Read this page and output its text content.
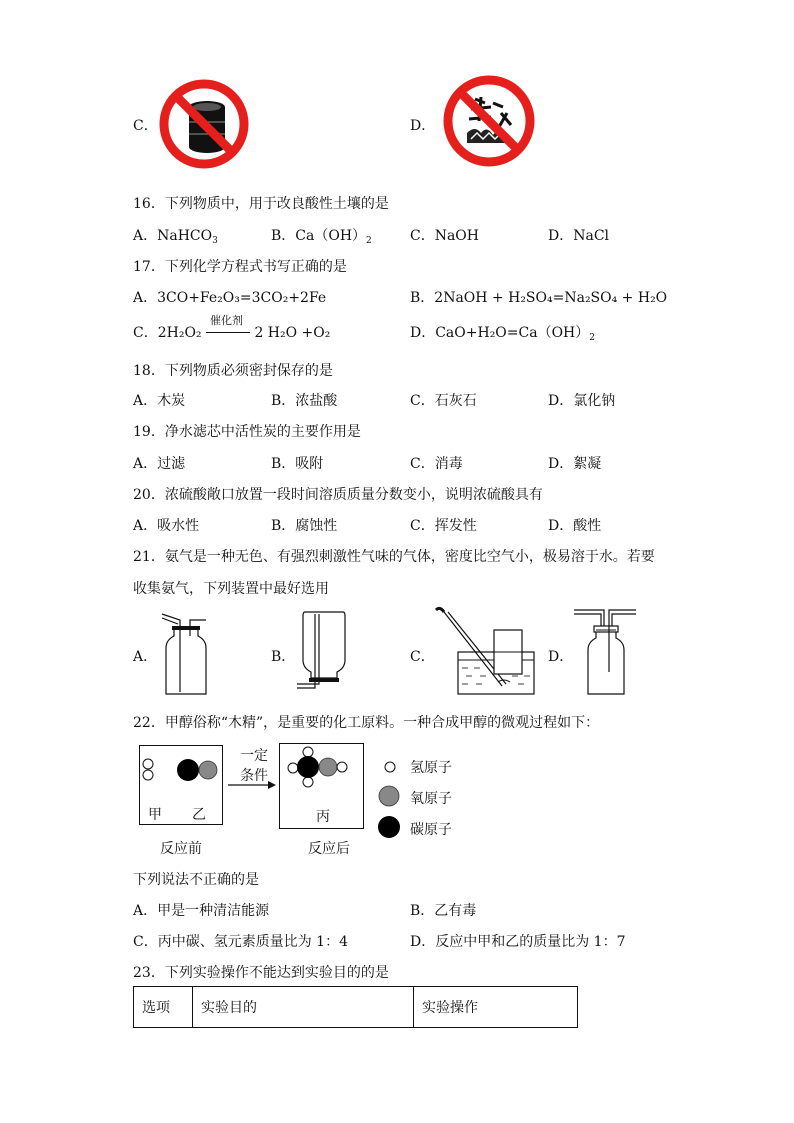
C．	D．
16．下列物质中，用于改良酸性土壤的是
A．NaHCO$_3$	B．$Ca(OH)_2$	C．NaOH	D．NaCl
17．下列化学方程式书写正确的是
A．3CO+Fe₂O₃=3CO₂+2Fe	B．2NaOH + H₂SO₄=Na₂SO₄ + H₂O
C．2H₂O₂
催化剂
2 H₂O +O₂	D．$CaO+H_2O=Ca(OH)_2$
18．下列物质必须密封保存的是
A．木炭	B．浓盐酸	C．石灰石	D．氯化钠
19．净水滤芯中活性炭的主要作用是
A．过滤	B．吸附	C．消毒	D．絮凝
20．浓硫酸敞口放置一段时间溶质质量分数变小，说明浓硫酸具有
A．吸水性	B．腐蚀性	C．挥发性	D．酸性
21．氨气是一种无色、有强烈刺激性气味的气体，密度比空气小，极易溶于水。若要
收集氨气，下列装置中最好选用
A．	B．	C．	D．
22．甲醇俗称“木精”，是重要的化工原料。一种合成甲醇的微观过程如下：
甲 乙
一定
条件
丙
氢原子
氧原子
碳原子
反应前	反应后
下列说法不正确的是
A．甲是一种清洁能源	B．乙有毒
C．丙中碳、氢元素质量比为 1：4	D．反应中甲和乙的质量比为 1：7
23．下列实验操作不能达到实验目的的是
选项	实验目的	实验操作
